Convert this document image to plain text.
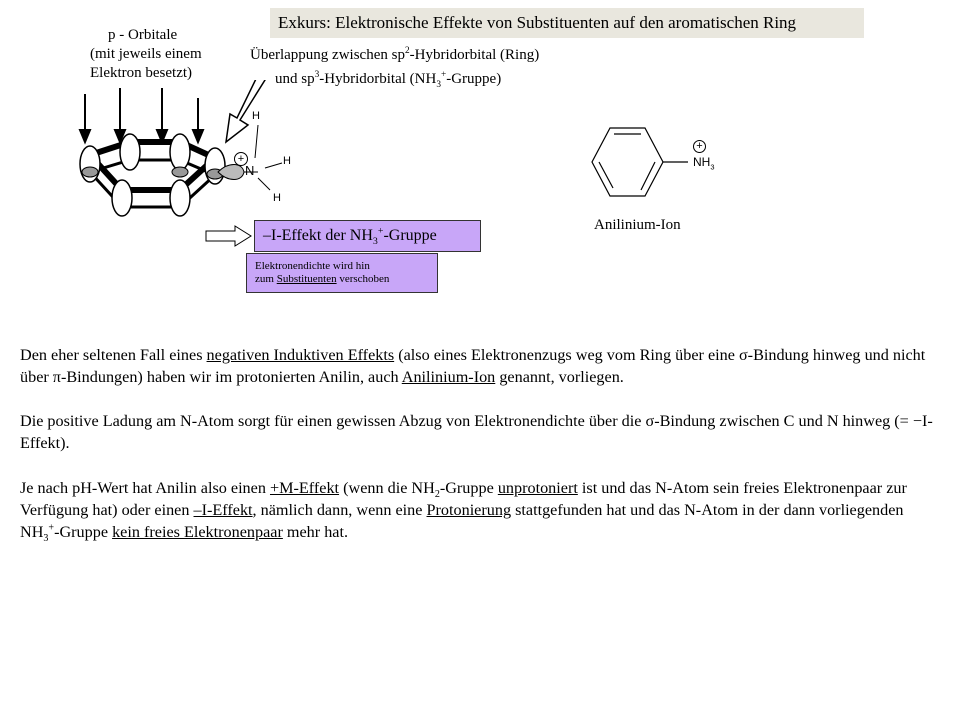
Exkurs: Elektronische Effekte von Substituenten auf den aromatischen Ring
p - Orbitale
(mit jeweils einem
Elektron besetzt)
Überlappung zwischen $sp^2$-Hybridorbital (Ring)
und $sp^3$-Hybridorbital $(NH_3^+-Gruppe)$
H
N
H
H
+
–I-Effekt der $NH_3^+$-Gruppe
Elektronendichte wird hin
zum Substituenten verschoben
+
$NH_3$
Anilinium-Ion
Den eher seltenen Fall eines negativen Induktiven Effekts (also eines Elektronenzugs weg vom Ring über eine σ-Bindung hinweg und nicht über π-Bindungen) haben wir im protonierten Anilin, auch Anilinium-Ion genannt, vorliegen.
Die positive Ladung am N-Atom sorgt für einen gewissen Abzug von Elektronendichte über die σ-Bindung zwischen C und N hinweg (= −I-Effekt).
Je nach pH-Wert hat Anilin also einen +M-Effekt (wenn die $NH_2$-Gruppe unprotoniert ist und das N-Atom sein freies Elektronenpaar zur Verfügung hat) oder einen –I-Effekt, nämlich dann, wenn eine Protonierung stattgefunden hat und das N-Atom in der dann vorliegenden $NH_3^+$-Gruppe kein freies Elektronenpaar mehr hat.
